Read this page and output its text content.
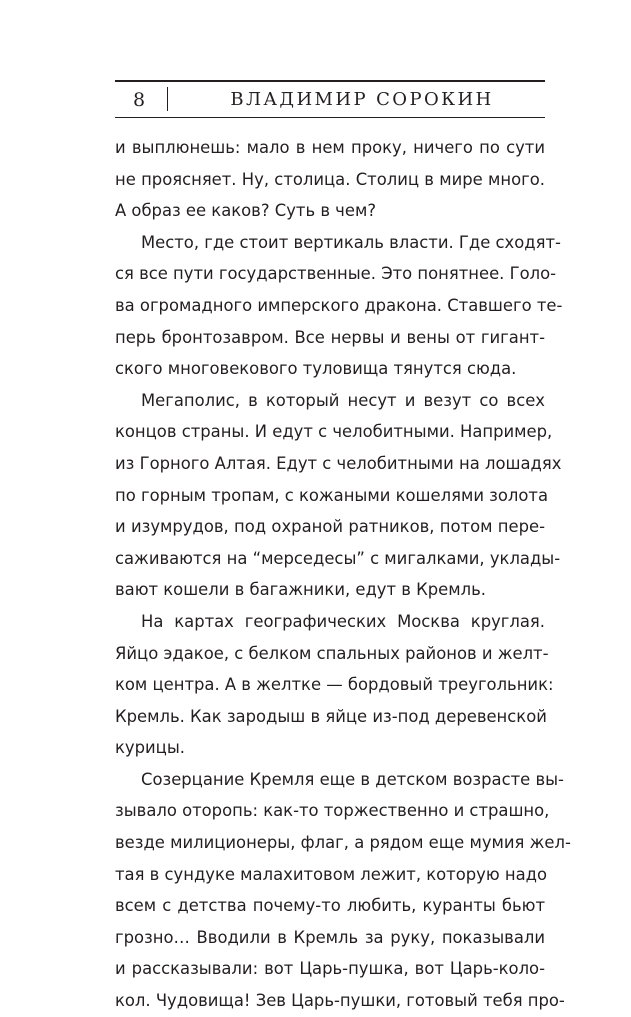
8	ВЛАДИМИР СОРОКИН

и выплюнешь: мало в нем проку, ничего по сути
не проясняет. Ну, столица. Столиц в мире много.
А образ ее каков? Суть в чем?

Место, где стоит вертикаль власти. Где сходят-
ся все пути государственные. Это понятнее. Голо-
ва огромадного имперского дракона. Ставшего те-
перь бронтозавром. Все нервы и вены от гигант-
ского многовекового туловища тянутся сюда.

Мегаполис, в который несут и везут со всех
концов страны. И едут с челобитными. Например,
из Горного Алтая. Едут с челобитными на лошадях
по горным тропам, с кожаными кошелями золота
и изумрудов, под охраной ратников, потом пере-
саживаются на “мерседесы” с мигалками, уклады-
вают кошели в багажники, едут в Кремль.

На картах географических Москва круглая.
Яйцо эдакое, с белком спальных районов и желт-
ком центра. А в желтке — бордовый треугольник:
Кремль. Как зародыш в яйце из-под деревенской
курицы.

Созерцание Кремля еще в детском возрасте вы-
зывало оторопь: как-то торжественно и страшно,
везде милиционеры, флаг, а рядом еще мумия жел-
тая в сундуке малахитовом лежит, которую надо
всем с детства почему-то любить, куранты бьют
грозно… Вводили в Кремль за руку, показывали
и рассказывали: вот Царь-пушка, вот Царь-коло-
кол. Чудовища! Зев Царь-пушки, готовый тебя про-
